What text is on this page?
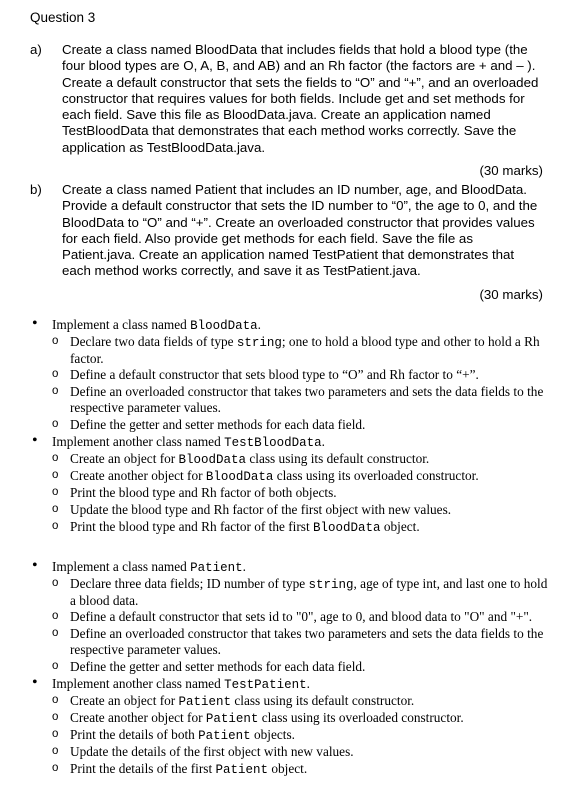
Question 3
a) Create a class named BloodData that includes fields that hold a blood type (the four blood types are O, A, B, and AB) and an Rh factor (the factors are + and – ). Create a default constructor that sets the fields to “O” and “+”, and an overloaded constructor that requires values for both fields. Include get and set methods for each field. Save this file as BloodData.java. Create an application named TestBloodData that demonstrates that each method works correctly. Save the application as TestBloodData.java.
(30 marks)
b) Create a class named Patient that includes an ID number, age, and BloodData. Provide a default constructor that sets the ID number to “0”, the age to 0, and the BloodData to “O” and “+”. Create an overloaded constructor that provides values for each field. Also provide get methods for each field. Save the file as Patient.java. Create an application named TestPatient that demonstrates that each method works correctly, and save it as TestPatient.java.
(30 marks)
• Implement a class named BloodData.
o Declare two data fields of type string; one to hold a blood type and other to hold a Rh factor.
o Define a default constructor that sets blood type to “O” and Rh factor to “+”.
o Define an overloaded constructor that takes two parameters and sets the data fields to the respective parameter values.
o Define the getter and setter methods for each data field.
• Implement another class named TestBloodData.
o Create an object for BloodData class using its default constructor.
o Create another object for BloodData class using its overloaded constructor.
o Print the blood type and Rh factor of both objects.
o Update the blood type and Rh factor of the first object with new values.
o Print the blood type and Rh factor of the first BloodData object.
• Implement a class named Patient.
o Declare three data fields; ID number of type string, age of type int, and last one to hold a blood data.
o Define a default constructor that sets id to "0", age to 0, and blood data to "O" and "+".
o Define an overloaded constructor that takes two parameters and sets the data fields to the respective parameter values.
o Define the getter and setter methods for each data field.
• Implement another class named TestPatient.
o Create an object for Patient class using its default constructor.
o Create another object for Patient class using its overloaded constructor.
o Print the details of both Patient objects.
o Update the details of the first object with new values.
o Print the details of the first Patient object.
